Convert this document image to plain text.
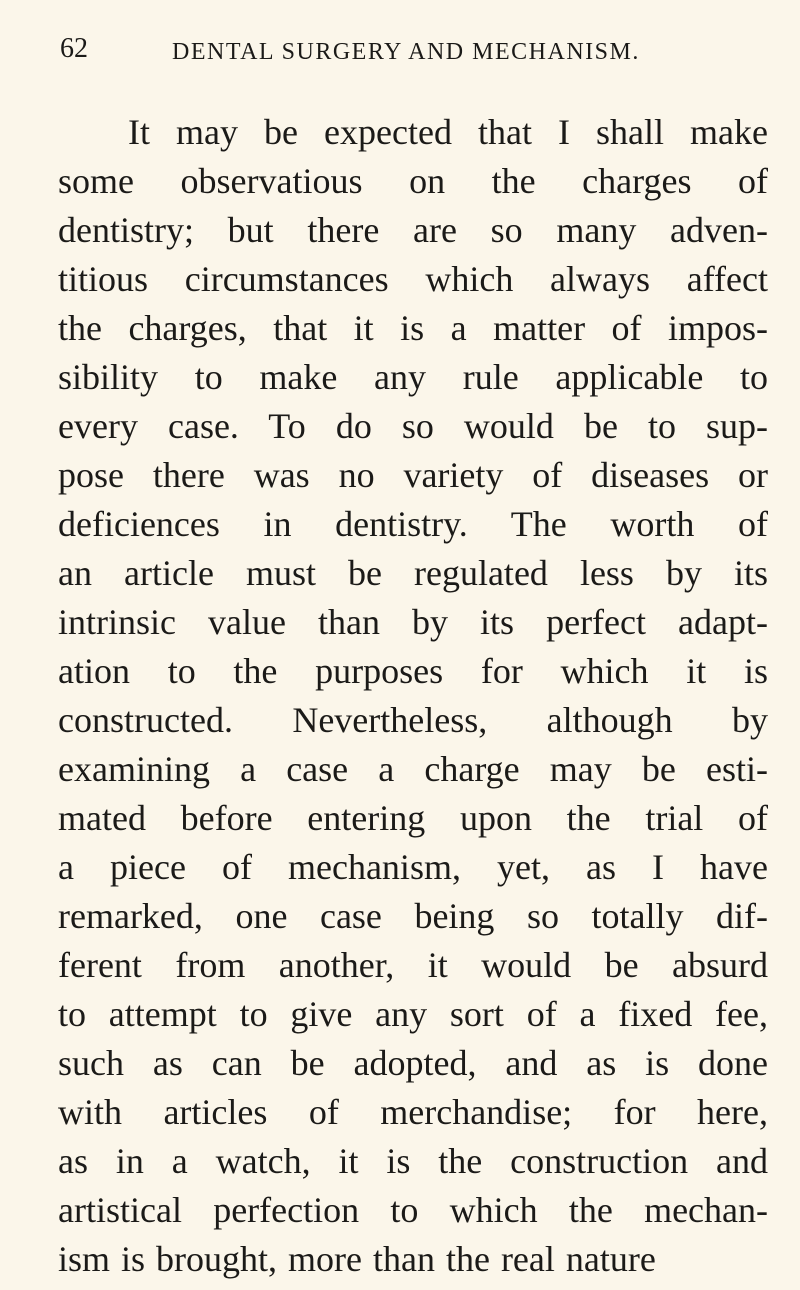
62	DENTAL SURGERY AND MECHANISM.
It may be expected that I shall make
some observatious on the charges of
dentistry; but there are so many adven-
titious circumstances which always affect
the charges, that it is a matter of impos-
sibility to make any rule applicable to
every case. To do so would be to sup-
pose there was no variety of diseases or
deficiences in dentistry. The worth of
an article must be regulated less by its
intrinsic value than by its perfect adapt-
ation to the purposes for which it is
constructed. Nevertheless, although by
examining a case a charge may be esti-
mated before entering upon the trial of
a piece of mechanism, yet, as I have
remarked, one case being so totally dif-
ferent from another, it would be absurd
to attempt to give any sort of a fixed fee,
such as can be adopted, and as is done
with articles of merchandise; for here,
as in a watch, it is the construction and
artistical perfection to which the mechan-
ism is brought, more than the real nature
